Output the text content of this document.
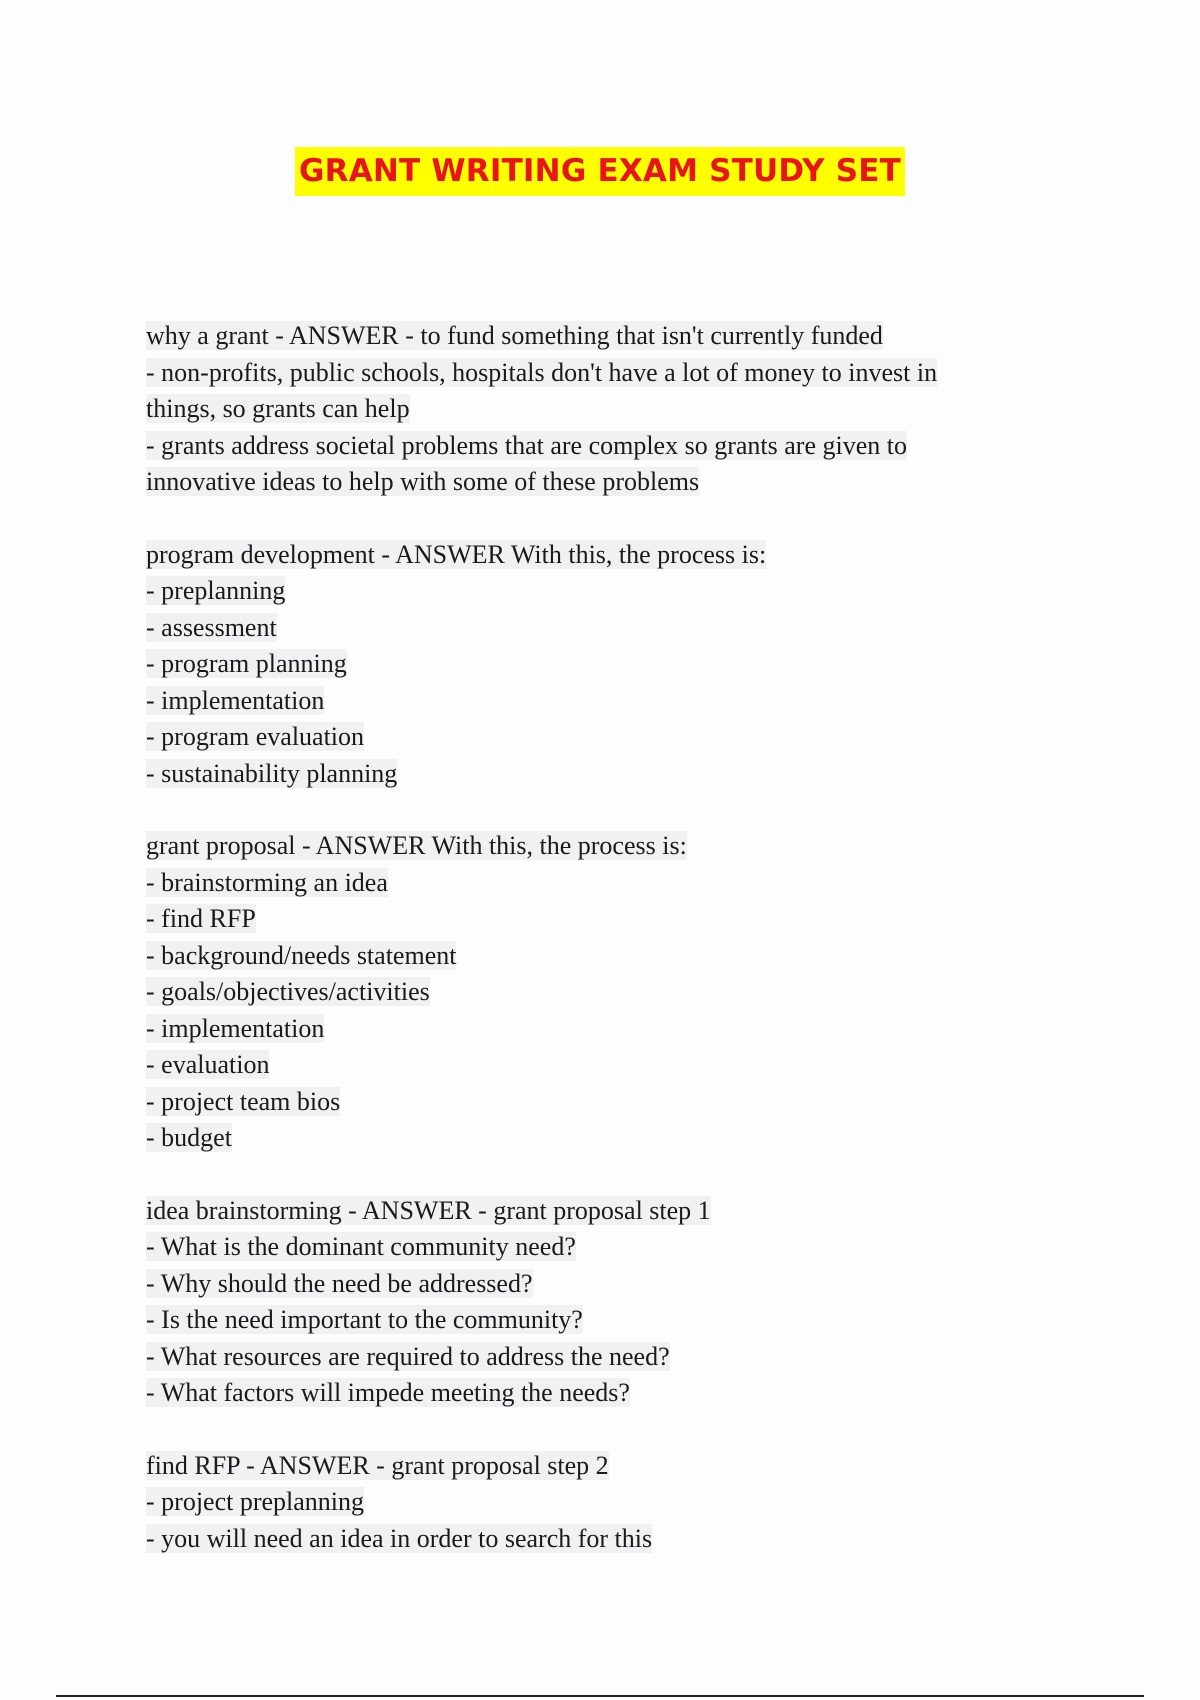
GRANT WRITING EXAM STUDY SET
why a grant - ANSWER - to fund something that isn't currently funded
- non-profits, public schools, hospitals don't have a lot of money to invest in
things, so grants can help
- grants address societal problems that are complex so grants are given to
innovative ideas to help with some of these problems
program development - ANSWER With this, the process is:
- preplanning
- assessment
- program planning
- implementation
- program evaluation
- sustainability planning
grant proposal - ANSWER With this, the process is:
- brainstorming an idea
- find RFP
- background/needs statement
- goals/objectives/activities
- implementation
- evaluation
- project team bios
- budget
idea brainstorming - ANSWER - grant proposal step 1
- What is the dominant community need?
- Why should the need be addressed?
- Is the need important to the community?
- What resources are required to address the need?
- What factors will impede meeting the needs?
find RFP - ANSWER - grant proposal step 2
- project preplanning
- you will need an idea in order to search for this
